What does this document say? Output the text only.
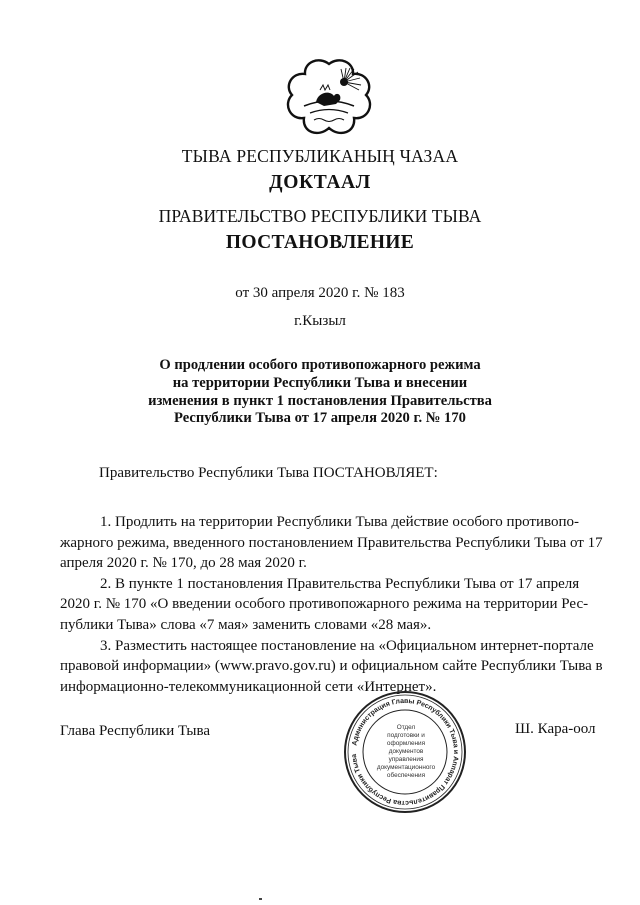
ТЫВА РЕСПУБЛИКАНЫҢ ЧАЗАА
ДОКТААЛ
ПРАВИТЕЛЬСТВО РЕСПУБЛИКИ ТЫВА
ПОСТАНОВЛЕНИЕ
от 30 апреля 2020 г. № 183
г.Кызыл
О продлении особого противопожарного режима
на территории Республики Тыва и внесении
изменения в пункт 1 постановления Правительства
Республики Тыва от 17 апреля 2020 г. № 170
Правительство Республики Тыва ПОСТАНОВЛЯЕТ:
1. Продлить на территории Республики Тыва действие особого противопо-
жарного режима, введенного постановлением Правительства Республики Тыва от 17
апреля 2020 г. № 170, до 28 мая 2020 г.
2. В пункте 1 постановления Правительства Республики Тыва от 17 апреля
2020 г. № 170 «О введении особого противопожарного режима на территории Рес-
публики Тыва» слова «7 мая» заменить словами «28 мая».
3. Разместить настоящее постановление на «Официальном интернет-портале
правовой информации» (www.pravo.gov.ru) и официальном сайте Республики Тыва в
информационно-телекоммуникационной сети «Интернет».
Глава Республики Тыва
Администрация Главы Республики Тыва и Аппарат Правительства Республики Тыва
Отдел
подготовки и
оформления документов
управления
документационного
обеспечения
Ш. Кара-оол
